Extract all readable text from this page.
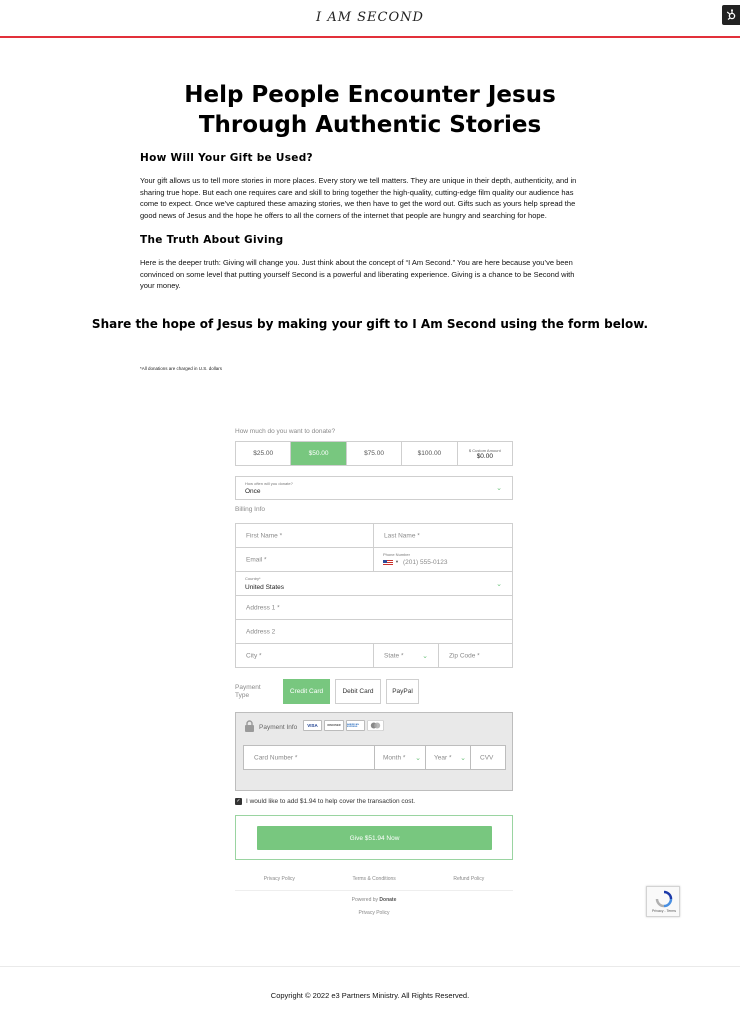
I AM SECOND
Help People Encounter Jesus
Through Authentic Stories
How Will Your Gift be Used?
Your gift allows us to tell more stories in more places. Every story we tell matters. They are unique in their depth, authenticity, and in
sharing true hope. But each one requires care and skill to bring together the high-quality, cutting-edge film quality our audience has
come to expect. Once we’ve captured these amazing stories, we then have to get the word out. Gifts such as yours help spread the
good news of Jesus and the hope he offers to all the corners of the internet that people are hungry and searching for hope.
The Truth About Giving
Here is the deeper truth: Giving will change you. Just think about the concept of “I Am Second.” You are here because you’ve been
convinced on some level that putting yourself Second is a powerful and liberating experience. Giving is a chance to be Second with
your money.
Share the hope of Jesus by making your gift to I Am Second using the form below.
*All donations are charged in U.S. dollars
How much do you want to donate?
$25.00	$50.00	$75.00	$100.00	$ Custom Amount
$0.00
How often will you donate?
Once	⌄
Billing Info
First Name *	Last Name *
Email *
Phone Number
▼ (201) 555-0123
Country*
United States	⌄
Address 1 *
Address 2
City *	State *	⌄	Zip Code *
Payment
Type
Credit Card	Debit Card	PayPal
Payment Info	VISA	DISCOVER	AMERICAN EXPRESS
Card Number *	Month * ⌄ Year * ⌄ CVV
✓ I would like to add $1.94 to help cover the transaction cost.
Give $51.94 Now
Privacy Policy	Terms & Conditions	Refund Policy
Powered by Donate
Privacy Policy	Privacy - Terms
Copyright © 2022 e3 Partners Ministry. All Rights Reserved.
